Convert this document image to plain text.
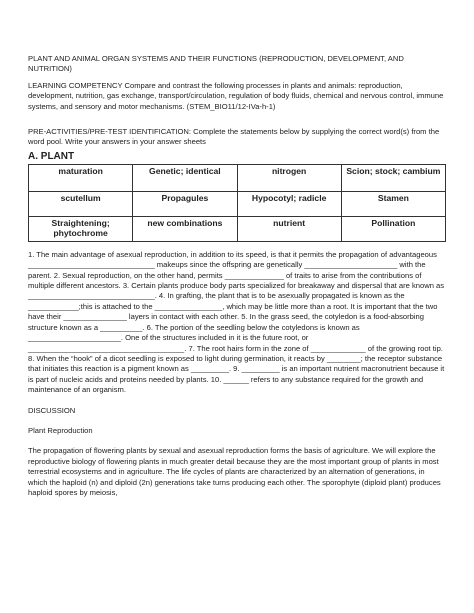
PLANT AND ANIMAL ORGAN SYSTEMS AND THEIR FUNCTIONS (REPRODUCTION, DEVELOPMENT, AND NUTRITION)

LEARNING COMPETENCY Compare and contrast the following processes in plants and animals: reproduction, development, nutrition, gas exchange, transport/circulation, regulation of body fluids, chemical and nervous control, immune systems, and sensory and motor mechanisms. (STEM_BIO11/12-IVa-h-1)

PRE-ACTIVITIES/PRE-TEST IDENTIFICATION: Complete the statements below by supplying the correct word(s) from the word pool. Write your answers in your answer sheets

A. PLANT

maturation	Genetic; identical	nitrogen	Scion; stock; cambium
scutellum	Propagules	Hypocotyl; radicle	Stamen
Straightening; phytochrome	new combinations	nutrient	Pollination

1. The main advantage of asexual reproduction, in addition to its speed, is that it permits the propagation of advantageous ______________________________ makeups since the offspring are genetically ______________________ with the parent. 2. Sexual reproduction, on the other hand, permits ______________ of traits to arise from the contributions of multiple different ancestors. 3. Certain plants produce body parts specialized for breakaway and dispersal that are known as ______________________________. 4. In grafting, the plant that is to be asexually propagated is known as the ____________;this is attached to the ________________, which may be little more than a root. It is important that the two have their _______________ layers in contact with each other. 5. In the grass seed, the cotyledon is a food-absorbing structure known as a __________. 6. The portion of the seedling below the cotyledons is known as ______________________. One of the structures included in it is the future root, or _____________________________________. 7. The root hairs form in the zone of _____________ of the growing root tip. 8. When the “hook” of a dicot seedling is exposed to light during germination, it reacts by ________; the receptor substance that initiates this reaction is a pigment known as _________. 9. _________ is an important nutrient macronutrient because it is part of nucleic acids and proteins needed by plants. 10. ______ refers to any substance required for the growth and maintenance of an organism.

DISCUSSION

Plant Reproduction

The propagation of flowering plants by sexual and asexual reproduction forms the basis of agriculture. We will explore the reproductive biology of flowering plants in much greater detail because they are the most important group of plants in most terrestrial ecosystems and in agriculture. The life cycles of plants are characterized by an alternation of generations, in which the haploid (n) and diploid (2n) generations take turns producing each other. The sporophyte (diploid plant) produces haploid spores by meiosis,
